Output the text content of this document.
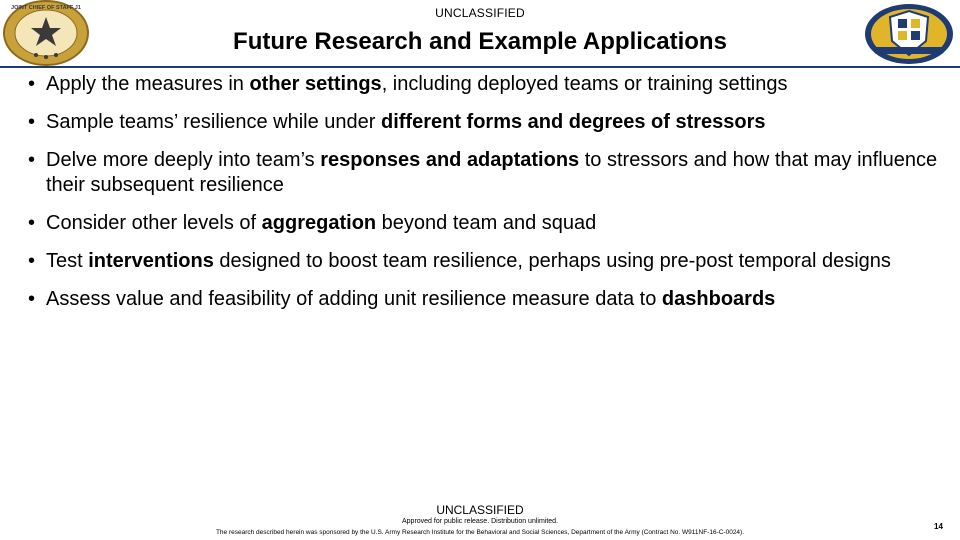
UNCLASSIFIED
JOINT CHIEF OF STAFF J1
Future Research and Example Applications
• Apply the measures in other settings, including deployed teams or training settings
• Sample teams’ resilience while under different forms and degrees of stressors
• Delve more deeply into team’s responses and adaptations to stressors and how that may influence their subsequent resilience
• Consider other levels of aggregation beyond team and squad
• Test interventions designed to boost team resilience, perhaps using pre-post temporal designs
• Assess value and feasibility of adding unit resilience measure data to dashboards
UNCLASSIFIED
Approved for public release. Distribution unlimited.
The research described herein was sponsored by the U.S. Army Research Institute for the Behavioral and Social Sciences, Department of the Army (Contract No. W911NF-16-C-0024).
14
